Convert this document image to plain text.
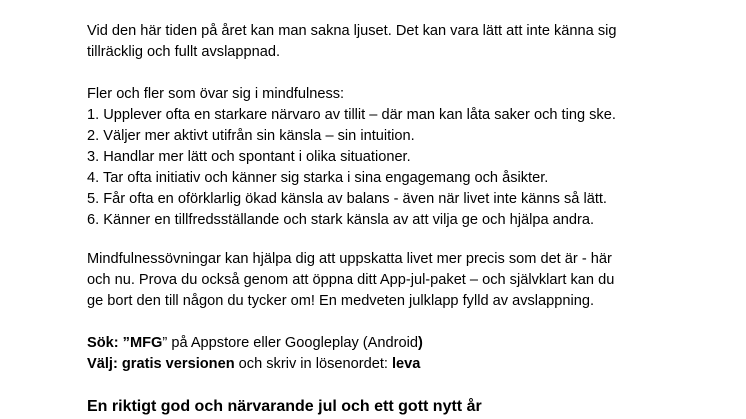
Vid den här tiden på året kan man sakna ljuset. Det kan vara lätt att inte känna sig
tillräcklig och fullt avslappnad.
Fler och fler som övar sig i mindfulness:
1. Upplever ofta en starkare närvaro av tillit – där man kan låta saker och ting ske.
2. Väljer mer aktivt utifrån sin känsla – sin intuition.
3. Handlar mer lätt och spontant i olika situationer.
4. Tar ofta initiativ och känner sig starka i sina engagemang och åsikter.
5. Får ofta en oförklarlig ökad känsla av balans - även när livet inte känns så lätt.
6. Känner en tillfredsställande och stark känsla av att vilja ge och hjälpa andra.
Mindfulnessövningar kan hjälpa dig att uppskatta livet mer precis som det är - här
och nu. Prova du också genom att öppna ditt App-jul-paket – och självklart kan du
ge bort den till någon du tycker om! En medveten julklapp fylld av avslappning.
Sök: ”MFG” på Appstore eller Googleplay (Android)
Välj: gratis versionen och skriv in lösenordet: leva
En riktigt god och närvarande jul och ett gott nytt år
